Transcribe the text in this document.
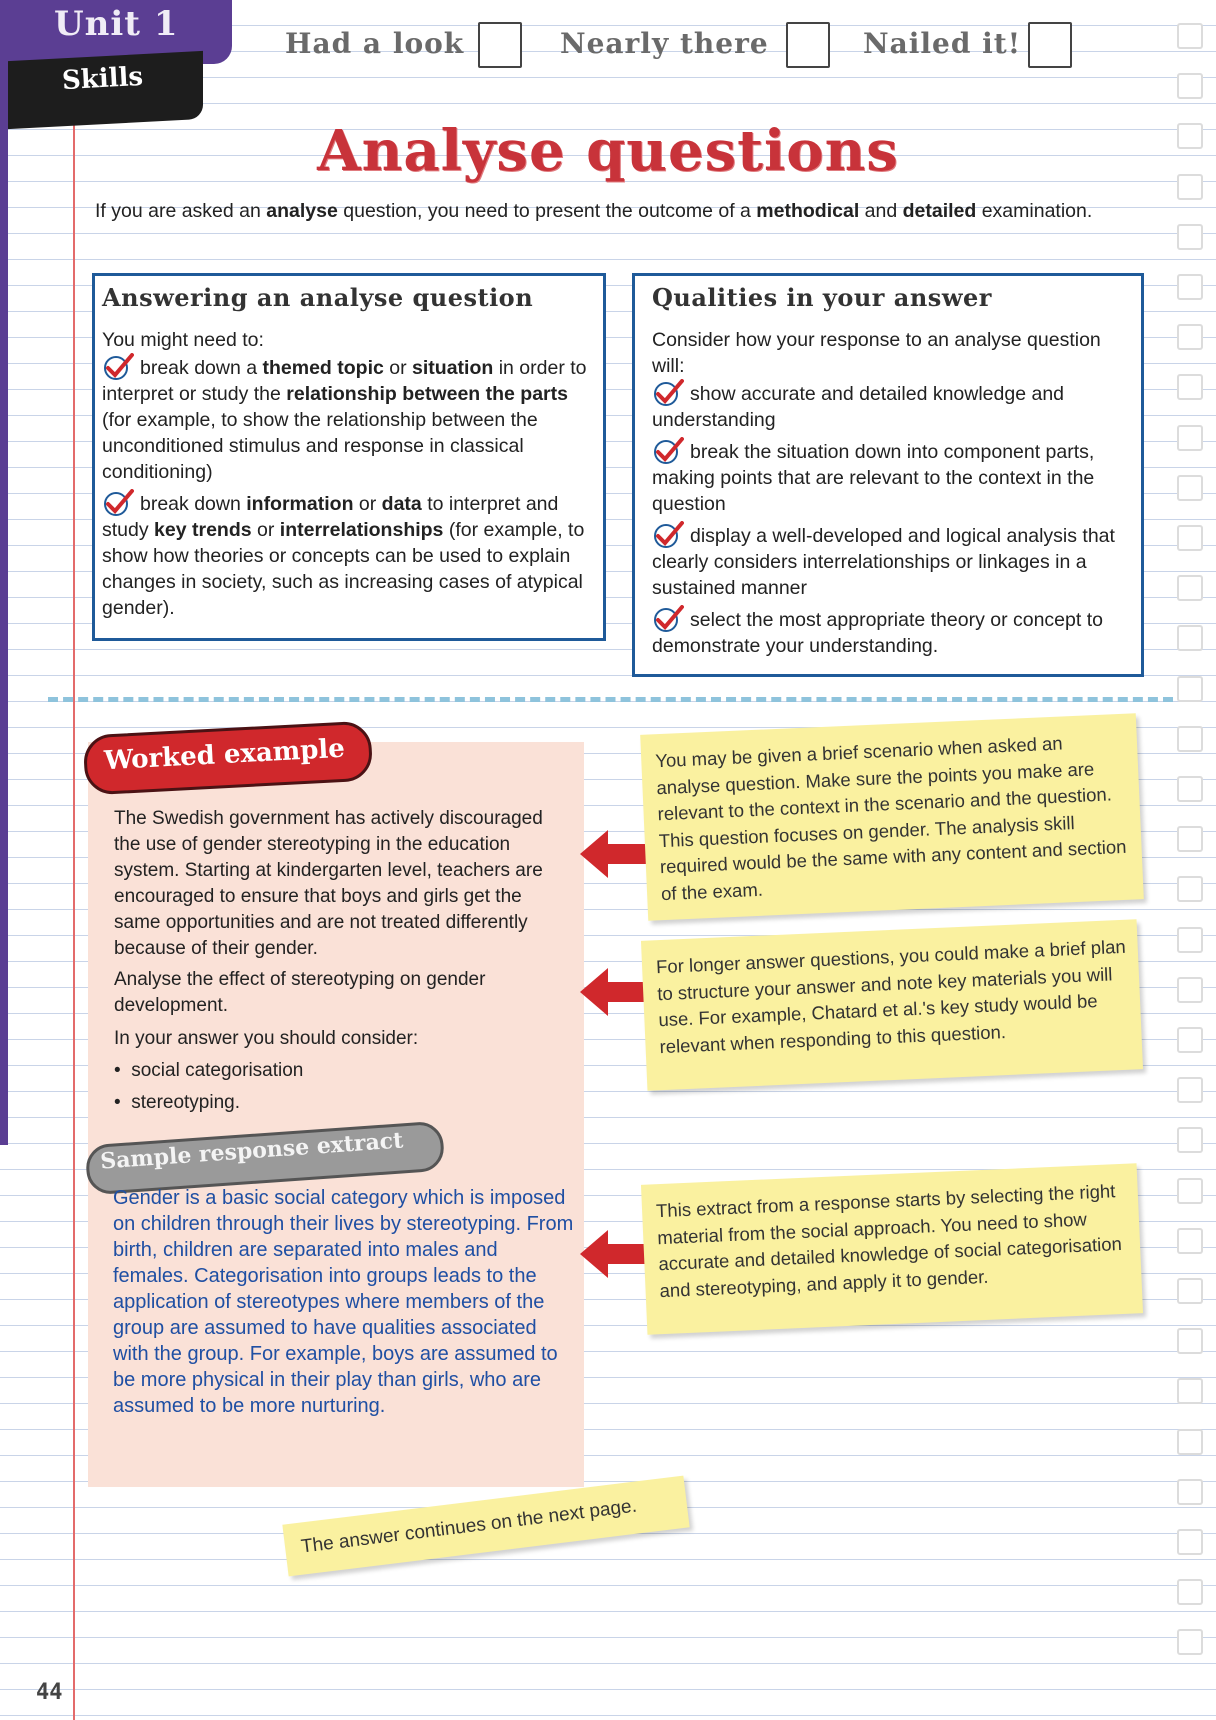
Unit 1
Skills
Had a look	Nearly there	Nailed it!
Analyse questions
If you are asked an analyse question, you need to present the outcome of a methodical and detailed examination.
Answering an analyse question
You might need to:
break down a themed topic or situation in order to interpret or study the relationship between the parts (for example, to show the relationship between the unconditioned stimulus and response in classical conditioning)
break down information or data to interpret and study key trends or interrelationships (for example, to show how theories or concepts can be used to explain changes in society, such as increasing cases of atypical gender).
Qualities in your answer
Consider how your response to an analyse question will:
show accurate and detailed knowledge and understanding
break the situation down into component parts, making points that are relevant to the context in the question
display a well-developed and logical analysis that clearly considers interrelationships or linkages in a sustained manner
select the most appropriate theory or concept to demonstrate your understanding.
Worked example
The Swedish government has actively discouraged the use of gender stereotyping in the education system. Starting at kindergarten level, teachers are encouraged to ensure that boys and girls get the same opportunities and are not treated differently because of their gender.
Analyse the effect of stereotyping on gender development.
In your answer you should consider:
•  social categorisation
•  stereotyping.
Sample response extract
Gender is a basic social category which is imposed on children through their lives by stereotyping. From birth, children are separated into males and females. Categorisation into groups leads to the application of stereotypes where members of the group are assumed to have qualities associated with the group. For example, boys are assumed to be more physical in their play than girls, who are assumed to be more nurturing.
You may be given a brief scenario when asked an analyse question. Make sure the points you make are relevant to the context in the scenario and the question. This question focuses on gender. The analysis skill required would be the same with any content and section of the exam.
For longer answer questions, you could make a brief plan to structure your answer and note key materials you will use. For example, Chatard et al.'s key study would be relevant when responding to this question.
This extract from a response starts by selecting the right material from the social approach. You need to show accurate and detailed knowledge of social categorisation and stereotyping, and apply it to gender.
The answer continues on the next page.
44
